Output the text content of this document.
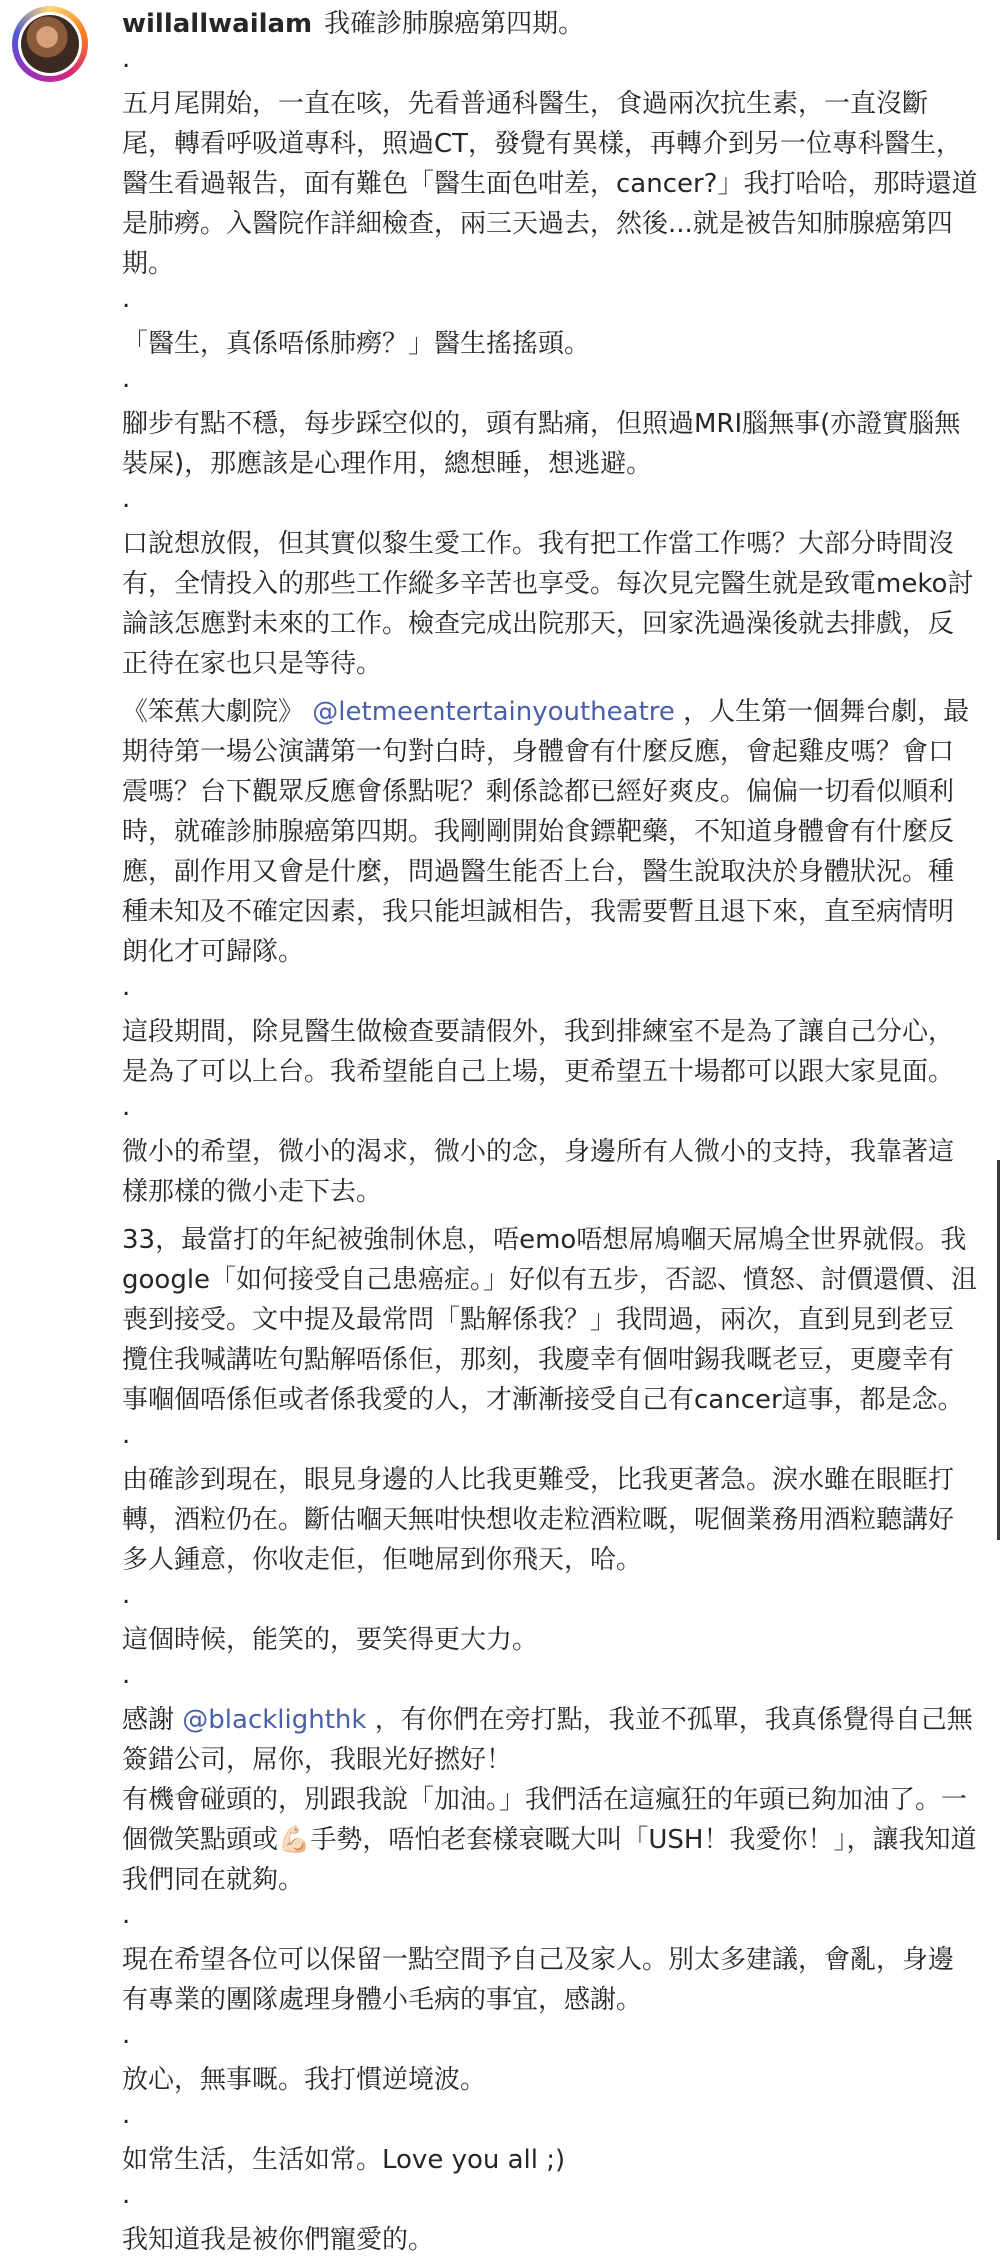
willallwailam 我確診肺腺癌第四期。

.

五月尾開始，一直在咳，先看普通科醫生，食過兩次抗生素，一直沒斷尾，轉看呼吸道專科，照過CT，發覺有異樣，再轉介到另一位專科醫生，醫生看過報告，面有難色「醫生面色咁差，cancer?」我打哈哈，那時還道是肺癆。入醫院作詳細檢查，兩三天過去，然後...就是被告知肺腺癌第四期。

.

「醫生，真係唔係肺癆？」醫生搖搖頭。

.

腳步有點不穩，每步踩空似的，頭有點痛，但照過MRI腦無事(亦證實腦無裝屎)，那應該是心理作用，總想睡，想逃避。

.

口說想放假，但其實似黎生愛工作。我有把工作當工作嗎？大部分時間沒有，全情投入的那些工作縱多辛苦也享受。每次見完醫生就是致電meko討論該怎應對未來的工作。檢查完成出院那天，回家洗過澡後就去排戲，反正待在家也只是等待。

《笨蕉大劇院》 @letmeentertainyoutheatre ，人生第一個舞台劇，最期待第一場公演講第一句對白時，身體會有什麼反應，會起雞皮嗎？會口震嗎？台下觀眾反應會係點呢？剩係諗都已經好爽皮。偏偏一切看似順利時，就確診肺腺癌第四期。我剛剛開始食鏢靶藥，不知道身體會有什麼反應，副作用又會是什麼，問過醫生能否上台，醫生說取決於身體狀況。種種未知及不確定因素，我只能坦誠相告，我需要暫且退下來，直至病情明朗化才可歸隊。

.

這段期間，除見醫生做檢查要請假外，我到排練室不是為了讓自己分心，是為了可以上台。我希望能自己上場，更希望五十場都可以跟大家見面。

.

微小的希望，微小的渴求，微小的念，身邊所有人微小的支持，我靠著這樣那樣的微小走下去。

33，最當打的年紀被強制休息，唔emo唔想屌鳩嗰天屌鳩全世界就假。我google「如何接受自己患癌症。」好似有五步，否認、憤怒、討價還價、沮喪到接受。文中提及最常問「點解係我？」我問過，兩次，直到見到老豆攬住我喊講咗句點解唔係佢，那刻，我慶幸有個咁錫我嘅老豆，更慶幸有事嗰個唔係佢或者係我愛的人，才漸漸接受自己有cancer這事，都是念。

.

由確診到現在，眼見身邊的人比我更難受，比我更著急。淚水雖在眼眶打轉，酒粒仍在。斷估嗰天無咁快想收走粒酒粒嘅，呢個業務用酒粒聽講好多人鍾意，你收走佢，佢哋屌到你飛天，哈。

.

這個時候，能笑的，要笑得更大力。

.

感謝 @blacklighthk ，有你們在旁打點，我並不孤單，我真係覺得自己無簽錯公司，屌你，我眼光好撚好！

有機會碰頭的，別跟我說「加油。」我們活在這瘋狂的年頭已夠加油了。一個微笑點頭或💪🏻手勢，唔怕老套樣衰嘅大叫「USH！我愛你！」，讓我知道我們同在就夠。

.

現在希望各位可以保留一點空間予自己及家人。別太多建議，會亂，身邊有專業的團隊處理身體小毛病的事宜，感謝。

.

放心，無事嘅。我打慣逆境波。

.

如常生活，生活如常。Love you all ;)

.

我知道我是被你們寵愛的。
